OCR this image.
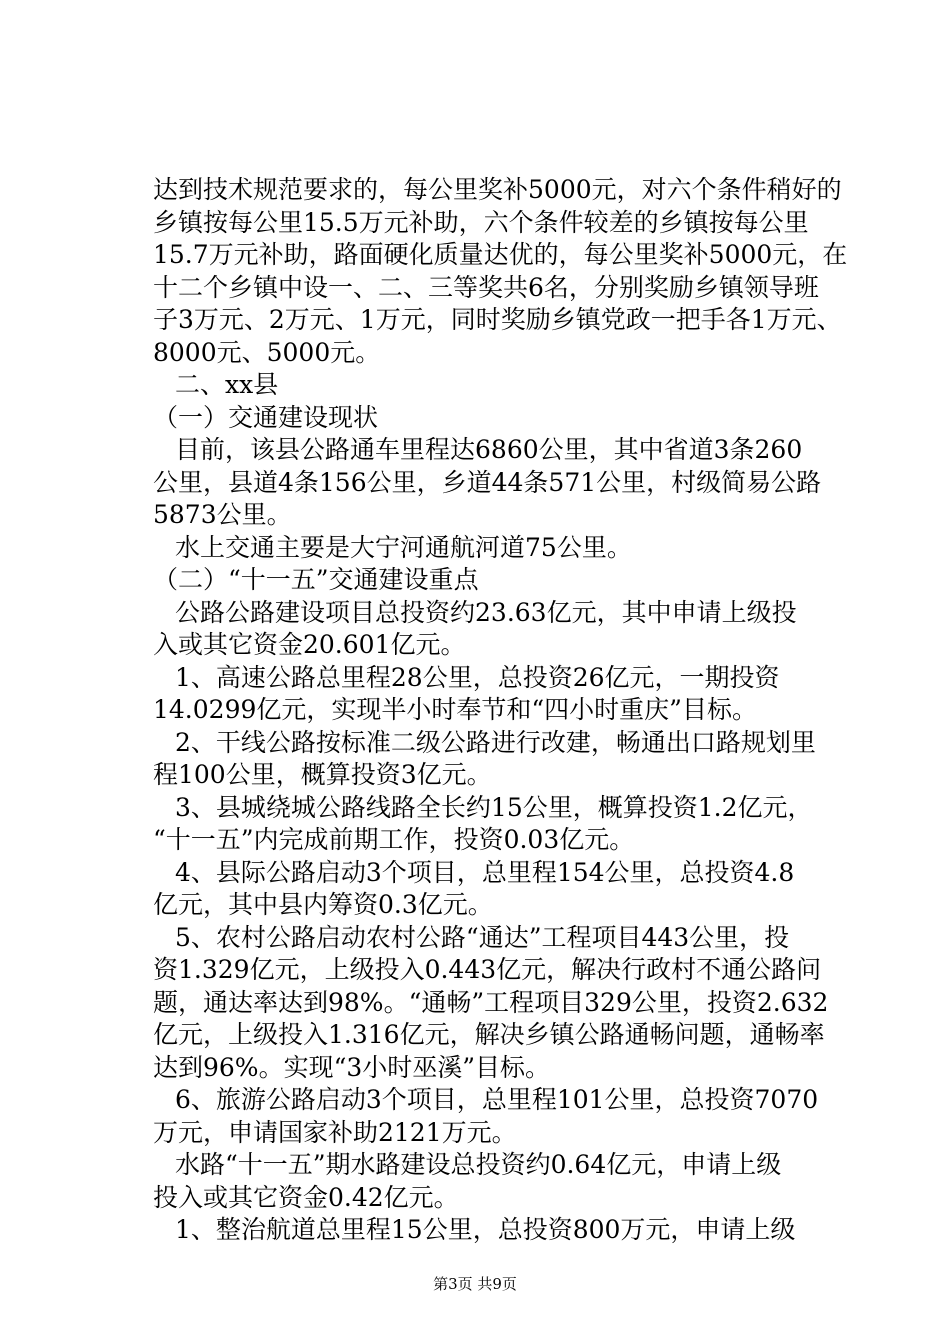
达到技术规范要求的，每公里奖补5000元，对六个条件稍好的
乡镇按每公里15.5万元补助，六个条件较差的乡镇按每公里
15.7万元补助，路面硬化质量达优的，每公里奖补5000元，在
十二个乡镇中设一、二、三等奖共6名，分别奖励乡镇领导班
子3万元、2万元、1万元，同时奖励乡镇党政一把手各1万元、
8000元、5000元。
二、xx县
（一）交通建设现状
目前，该县公路通车里程达6860公里，其中省道3条260
公里，县道4条156公里，乡道44条571公里，村级简易公路
5873公里。
水上交通主要是大宁河通航河道75公里。
（二）“十一五”交通建设重点
公路公路建设项目总投资约23.63亿元，其中申请上级投
入或其它资金20.601亿元。
1、高速公路总里程28公里，总投资26亿元，一期投资
14.0299亿元，实现半小时奉节和“四小时重庆”目标。
2、干线公路按标准二级公路进行改建，畅通出口路规划里
程100公里，概算投资3亿元。
3、县城绕城公路线路全长约15公里，概算投资1.2亿元，
“十一五”内完成前期工作，投资0.03亿元。
4、县际公路启动3个项目，总里程154公里，总投资4.8
亿元，其中县内筹资0.3亿元。
5、农村公路启动农村公路“通达”工程项目443公里，投
资1.329亿元，上级投入0.443亿元，解决行政村不通公路问
题，通达率达到98%。“通畅”工程项目329公里，投资2.632
亿元，上级投入1.316亿元，解决乡镇公路通畅问题，通畅率
达到96%。实现“3小时巫溪”目标。
6、旅游公路启动3个项目，总里程101公里，总投资7070
万元，申请国家补助2121万元。
水路“十一五”期水路建设总投资约0.64亿元，申请上级
投入或其它资金0.42亿元。
1、整治航道总里程15公里，总投资800万元，申请上级
第3页 共9页
